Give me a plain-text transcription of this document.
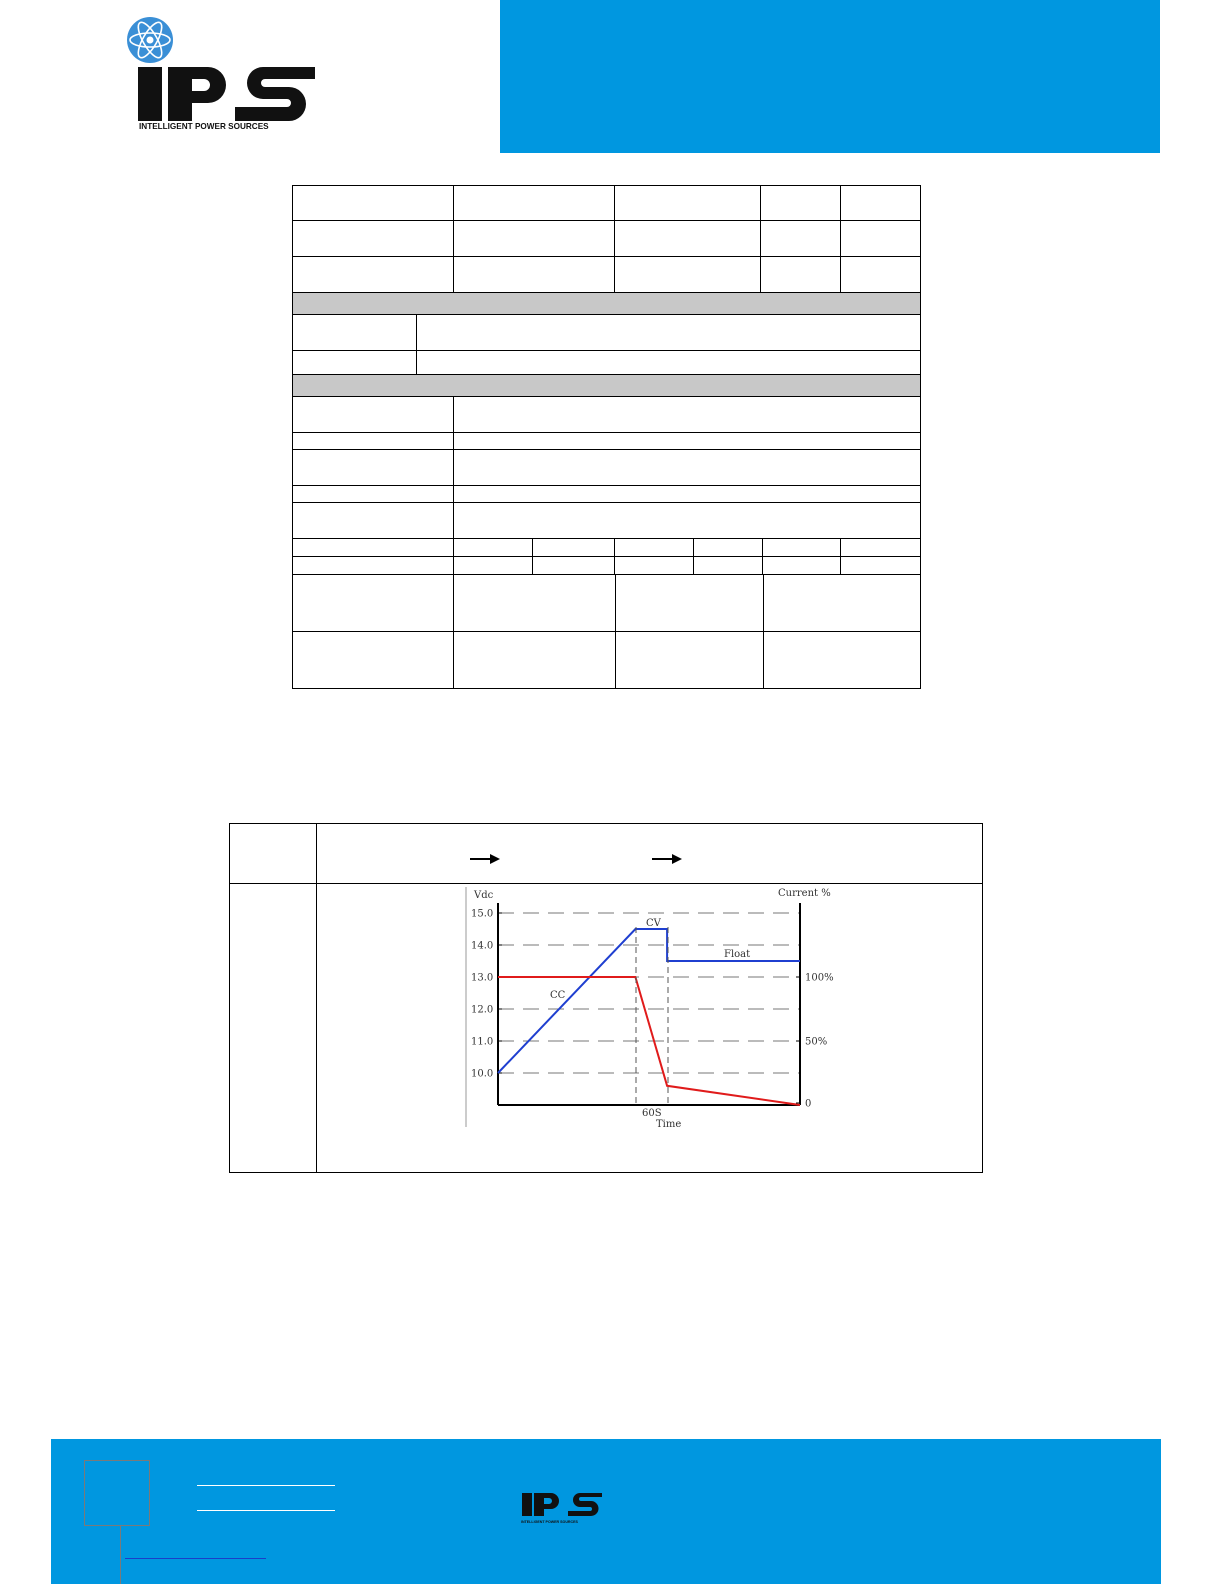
INTELLIGENT POWER SOURCES

15.0
14.0
13.0
12.0
11.0
10.0
100%
50%
0
Vdc	Current %
CV
Float
CC
60S
Time
INTELLIGENT POWER SOURCES
